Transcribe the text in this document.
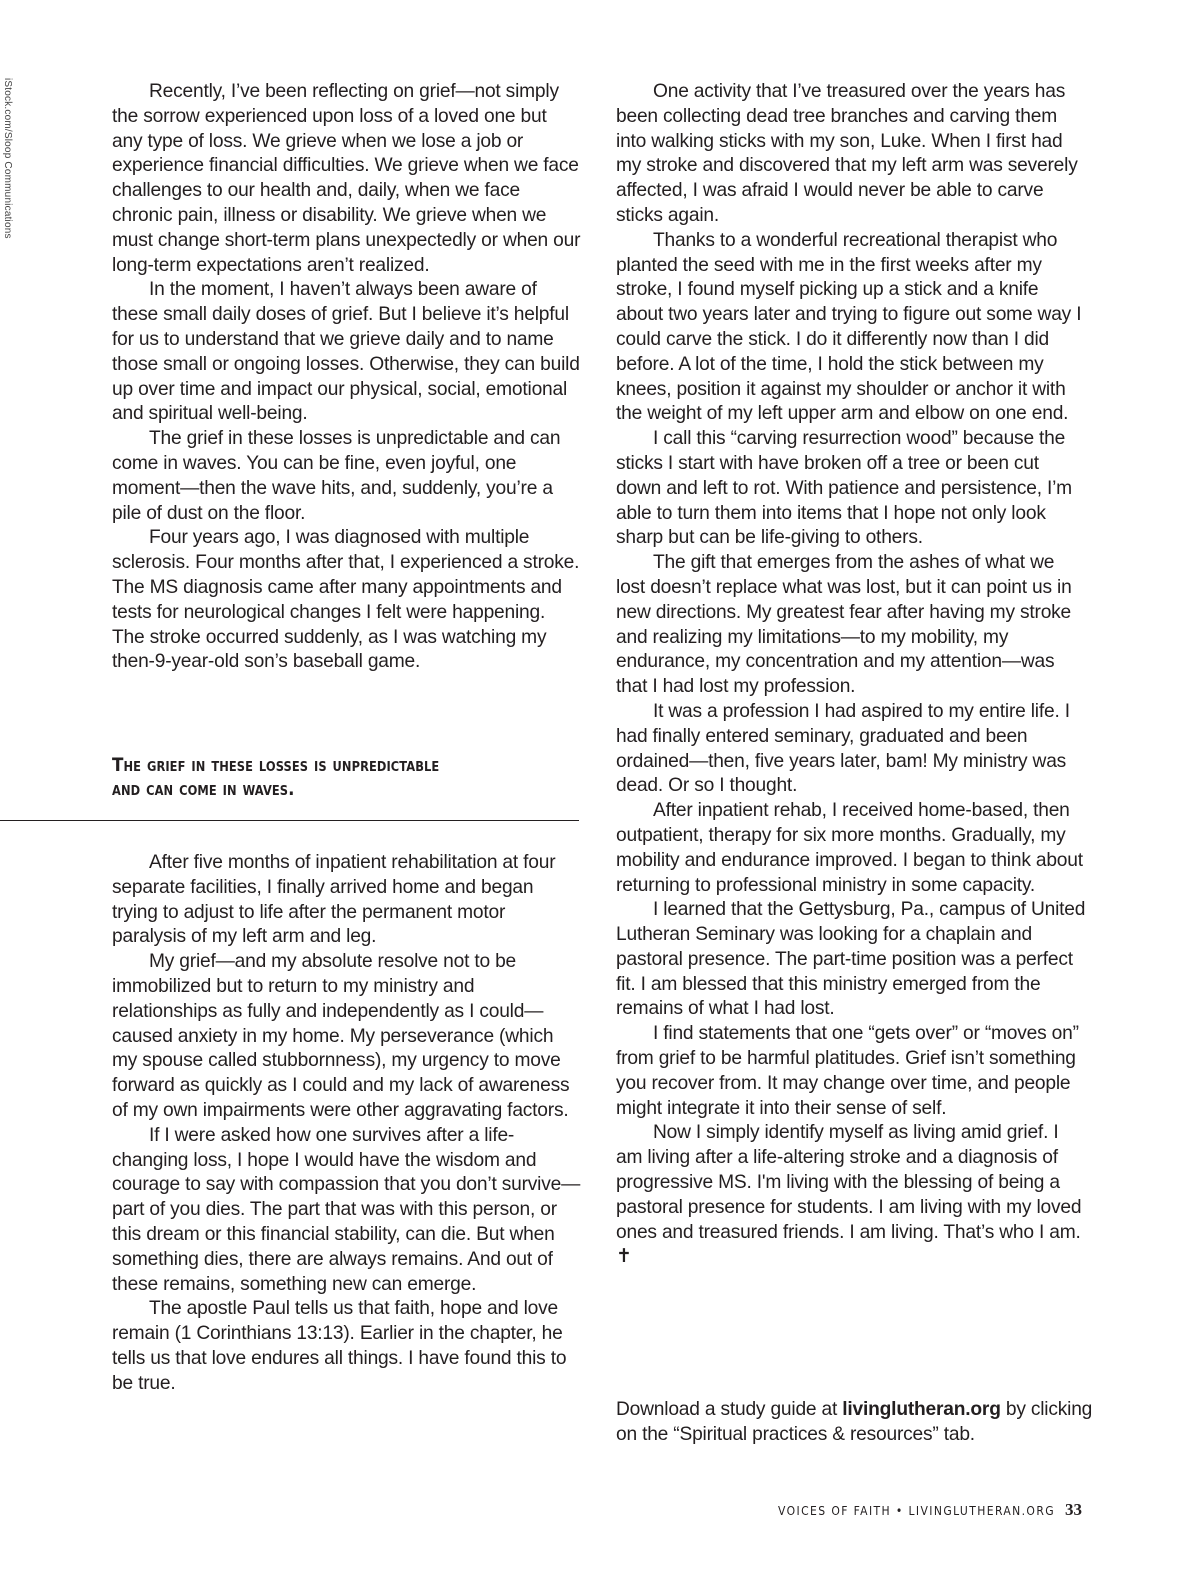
iStock.com/Sloop Communications	Recently, I’ve been reflecting on grief—not simply the sorrow experienced upon loss of a loved one but any type of loss. We grieve when we lose a job or experience financial difficulties. We grieve when we face challenges to our health and, daily, when we face chronic pain, illness or disability. We grieve when we must change short-term plans unexpectedly or when our long-term expectations aren’t realized.

In the moment, I haven’t always been aware of these small daily doses of grief. But I believe it’s helpful for us to understand that we grieve daily and to name those small or ongoing losses. Otherwise, they can build up over time and impact our physical, social, emotional and spiritual well-being.

The grief in these losses is unpredictable and can come in waves. You can be fine, even joyful, one moment—then the wave hits, and, suddenly, you’re a pile of dust on the floor.

Four years ago, I was diagnosed with multiple sclerosis. Four months after that, I experienced a stroke. The MS diagnosis came after many appointments and tests for neurological changes I felt were happening. The stroke occurred suddenly, as I was watching my then-9-year-old son’s baseball game.

The grief in these losses is unpredictable
and can come in waves.

After five months of inpatient rehabilitation at four separate facilities, I finally arrived home and began trying to adjust to life after the permanent motor paralysis of my left arm and leg.

My grief—and my absolute resolve not to be immobilized but to return to my ministry and relationships as fully and independently as I could—caused anxiety in my home. My perseverance (which my spouse called stubbornness), my urgency to move forward as quickly as I could and my lack of awareness of my own impairments were other aggravating factors.

If I were asked how one survives after a life-changing loss, I hope I would have the wisdom and courage to say with compassion that you don’t survive—part of you dies. The part that was with this person, or this dream or this financial stability, can die. But when something dies, there are always remains. And out of these remains, something new can emerge.

The apostle Paul tells us that faith, hope and love remain (1 Corinthians 13:13). Earlier in the chapter, he tells us that love endures all things. I have found this to be true.

One activity that I’ve treasured over the years has been collecting dead tree branches and carving them into walking sticks with my son, Luke. When I first had my stroke and discovered that my left arm was severely affected, I was afraid I would never be able to carve sticks again.

Thanks to a wonderful recreational therapist who planted the seed with me in the first weeks after my stroke, I found myself picking up a stick and a knife about two years later and trying to figure out some way I could carve the stick. I do it differently now than I did before. A lot of the time, I hold the stick between my knees, position it against my shoulder or anchor it with the weight of my left upper arm and elbow on one end.

I call this “carving resurrection wood” because the sticks I start with have broken off a tree or been cut down and left to rot. With patience and persistence, I’m able to turn them into items that I hope not only look sharp but can be life-giving to others.

The gift that emerges from the ashes of what we lost doesn’t replace what was lost, but it can point us in new directions. My greatest fear after having my stroke and realizing my limitations—to my mobility, my endurance, my concentration and my attention—was that I had lost my profession.

It was a profession I had aspired to my entire life. I had finally entered seminary, graduated and been ordained—then, five years later, bam! My ministry was dead. Or so I thought.

After inpatient rehab, I received home-based, then outpatient, therapy for six more months. Gradually, my mobility and endurance improved. I began to think about returning to professional ministry in some capacity.

I learned that the Gettysburg, Pa., campus of United Lutheran Seminary was looking for a chaplain and pastoral presence. The part-time position was a perfect fit. I am blessed that this ministry emerged from the remains of what I had lost.

I find statements that one “gets over” or “moves on” from grief to be harmful platitudes. Grief isn’t something you recover from. It may change over time, and people might integrate it into their sense of self.

Now I simply identify myself as living amid grief. I am living after a life-altering stroke and a diagnosis of progressive MS. I'm living with the blessing of being a pastoral presence for students. I am living with my loved ones and treasured friends. I am living. That’s who I am. ✝

Download a study guide at livinglutheran.org by clicking on the “Spiritual practices & resources” tab.
VOICES OF FAITH • LIVINGLUTHERAN.ORG 33
